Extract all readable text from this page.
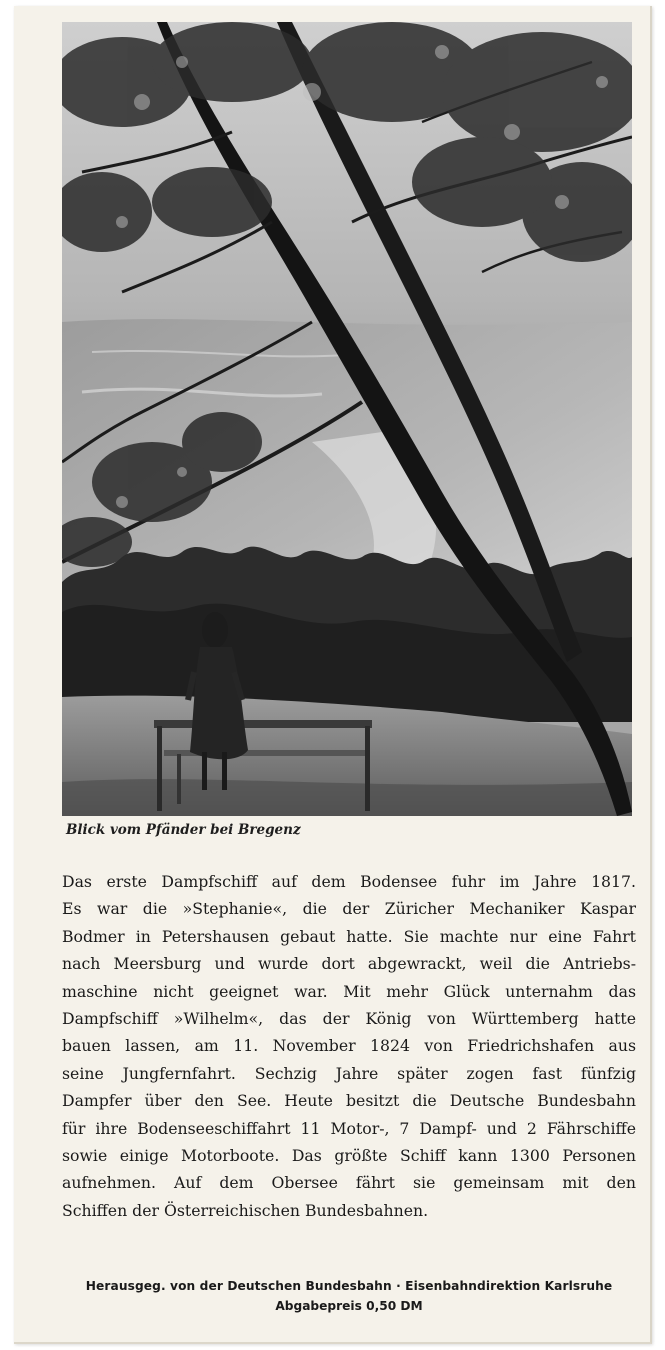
Blick vom Pfänder bei Bregenz
Das erste Dampfschiff auf dem Bodensee fuhr im Jahre 1817.
Es war die »Stephanie«, die der Züricher Mechaniker Kaspar
Bodmer in Petershausen gebaut hatte. Sie machte nur eine Fahrt
nach Meersburg und wurde dort abgewrackt, weil die Antriebs-
maschine nicht geeignet war. Mit mehr Glück unternahm das
Dampfschiff »Wilhelm«, das der König von Württemberg hatte
bauen lassen, am 11. November 1824 von Friedrichshafen aus
seine Jungfernfahrt. Sechzig Jahre später zogen fast fünfzig
Dampfer über den See. Heute besitzt die Deutsche Bundesbahn
für ihre Bodenseeschiffahrt 11 Motor-, 7 Dampf- und 2 Fährschiffe
sowie einige Motorboote. Das größte Schiff kann 1300 Personen
aufnehmen. Auf dem Obersee fährt sie gemeinsam mit den
Schiffen der Österreichischen Bundesbahnen.
Herausgeg. von der Deutschen Bundesbahn · Eisenbahndirektion Karlsruhe
Abgabepreis 0,50 DM
